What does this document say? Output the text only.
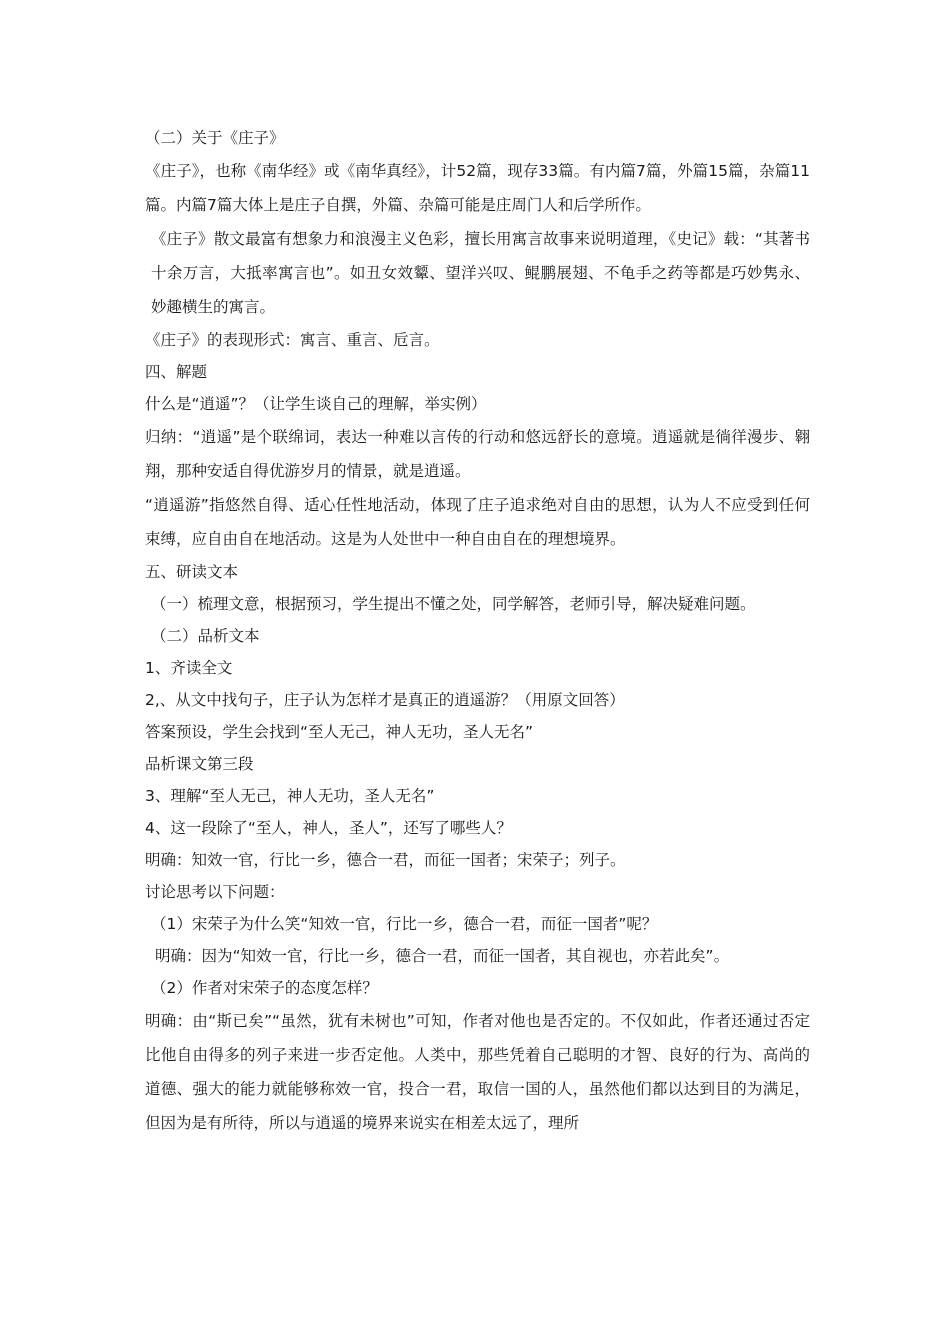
（二）关于《庄子》

《庄子》，也称《南华经》或《南华真经》，计52篇，现存33篇。有内篇7篇，外篇15篇，杂篇11篇。内篇7篇大体上是庄子自撰，外篇、杂篇可能是庄周门人和后学所作。

《庄子》散文最富有想象力和浪漫主义色彩，擅长用寓言故事来说明道理，《史记》载：“其著书十余万言，大抵率寓言也”。如丑女效颦、望洋兴叹、鲲鹏展翅、不龟手之药等都是巧妙隽永、妙趣横生的寓言。

《庄子》的表现形式：寓言、重言、卮言。

四、解题

什么是“逍遥”？（让学生谈自己的理解，举实例）

归纳：“逍遥”是个联绵词，表达一种难以言传的行动和悠远舒长的意境。逍遥就是徜徉漫步、翱翔，那种安适自得优游岁月的情景，就是逍遥。

“逍遥游”指悠然自得、适心任性地活动，体现了庄子追求绝对自由的思想，认为人不应受到任何束缚，应自由自在地活动。这是为人处世中一种自由自在的理想境界。

五、研读文本

（一）梳理文意，根据预习，学生提出不懂之处，同学解答，老师引导，解决疑难问题。

（二）品析文本

1、齐读全文

2,、从文中找句子，庄子认为怎样才是真正的逍遥游？（用原文回答）

答案预设，学生会找到“至人无己，神人无功，圣人无名”

品析课文第三段

3、理解“至人无己，神人无功，圣人无名”

4、这一段除了“至人，神人，圣人”，还写了哪些人？

明确：知效一官，行比一乡，德合一君，而征一国者；宋荣子；列子。

讨论思考以下问题：

（1）宋荣子为什么笑“知效一官，行比一乡，德合一君，而征一国者”呢？

明确：因为“知效一官，行比一乡，德合一君，而征一国者，其自视也，亦若此矣”。

（2）作者对宋荣子的态度怎样？

明确：由“斯已矣”“虽然，犹有未树也”可知，作者对他也是否定的。不仅如此，作者还通过否定比他自由得多的列子来进一步否定他。人类中，那些凭着自己聪明的才智、良好的行为、高尚的道德、强大的能力就能够称效一官，投合一君，取信一国的人，虽然他们都以达到目的为满足，但因为是有所待，所以与逍遥的境界来说实在相差太远了，理所
